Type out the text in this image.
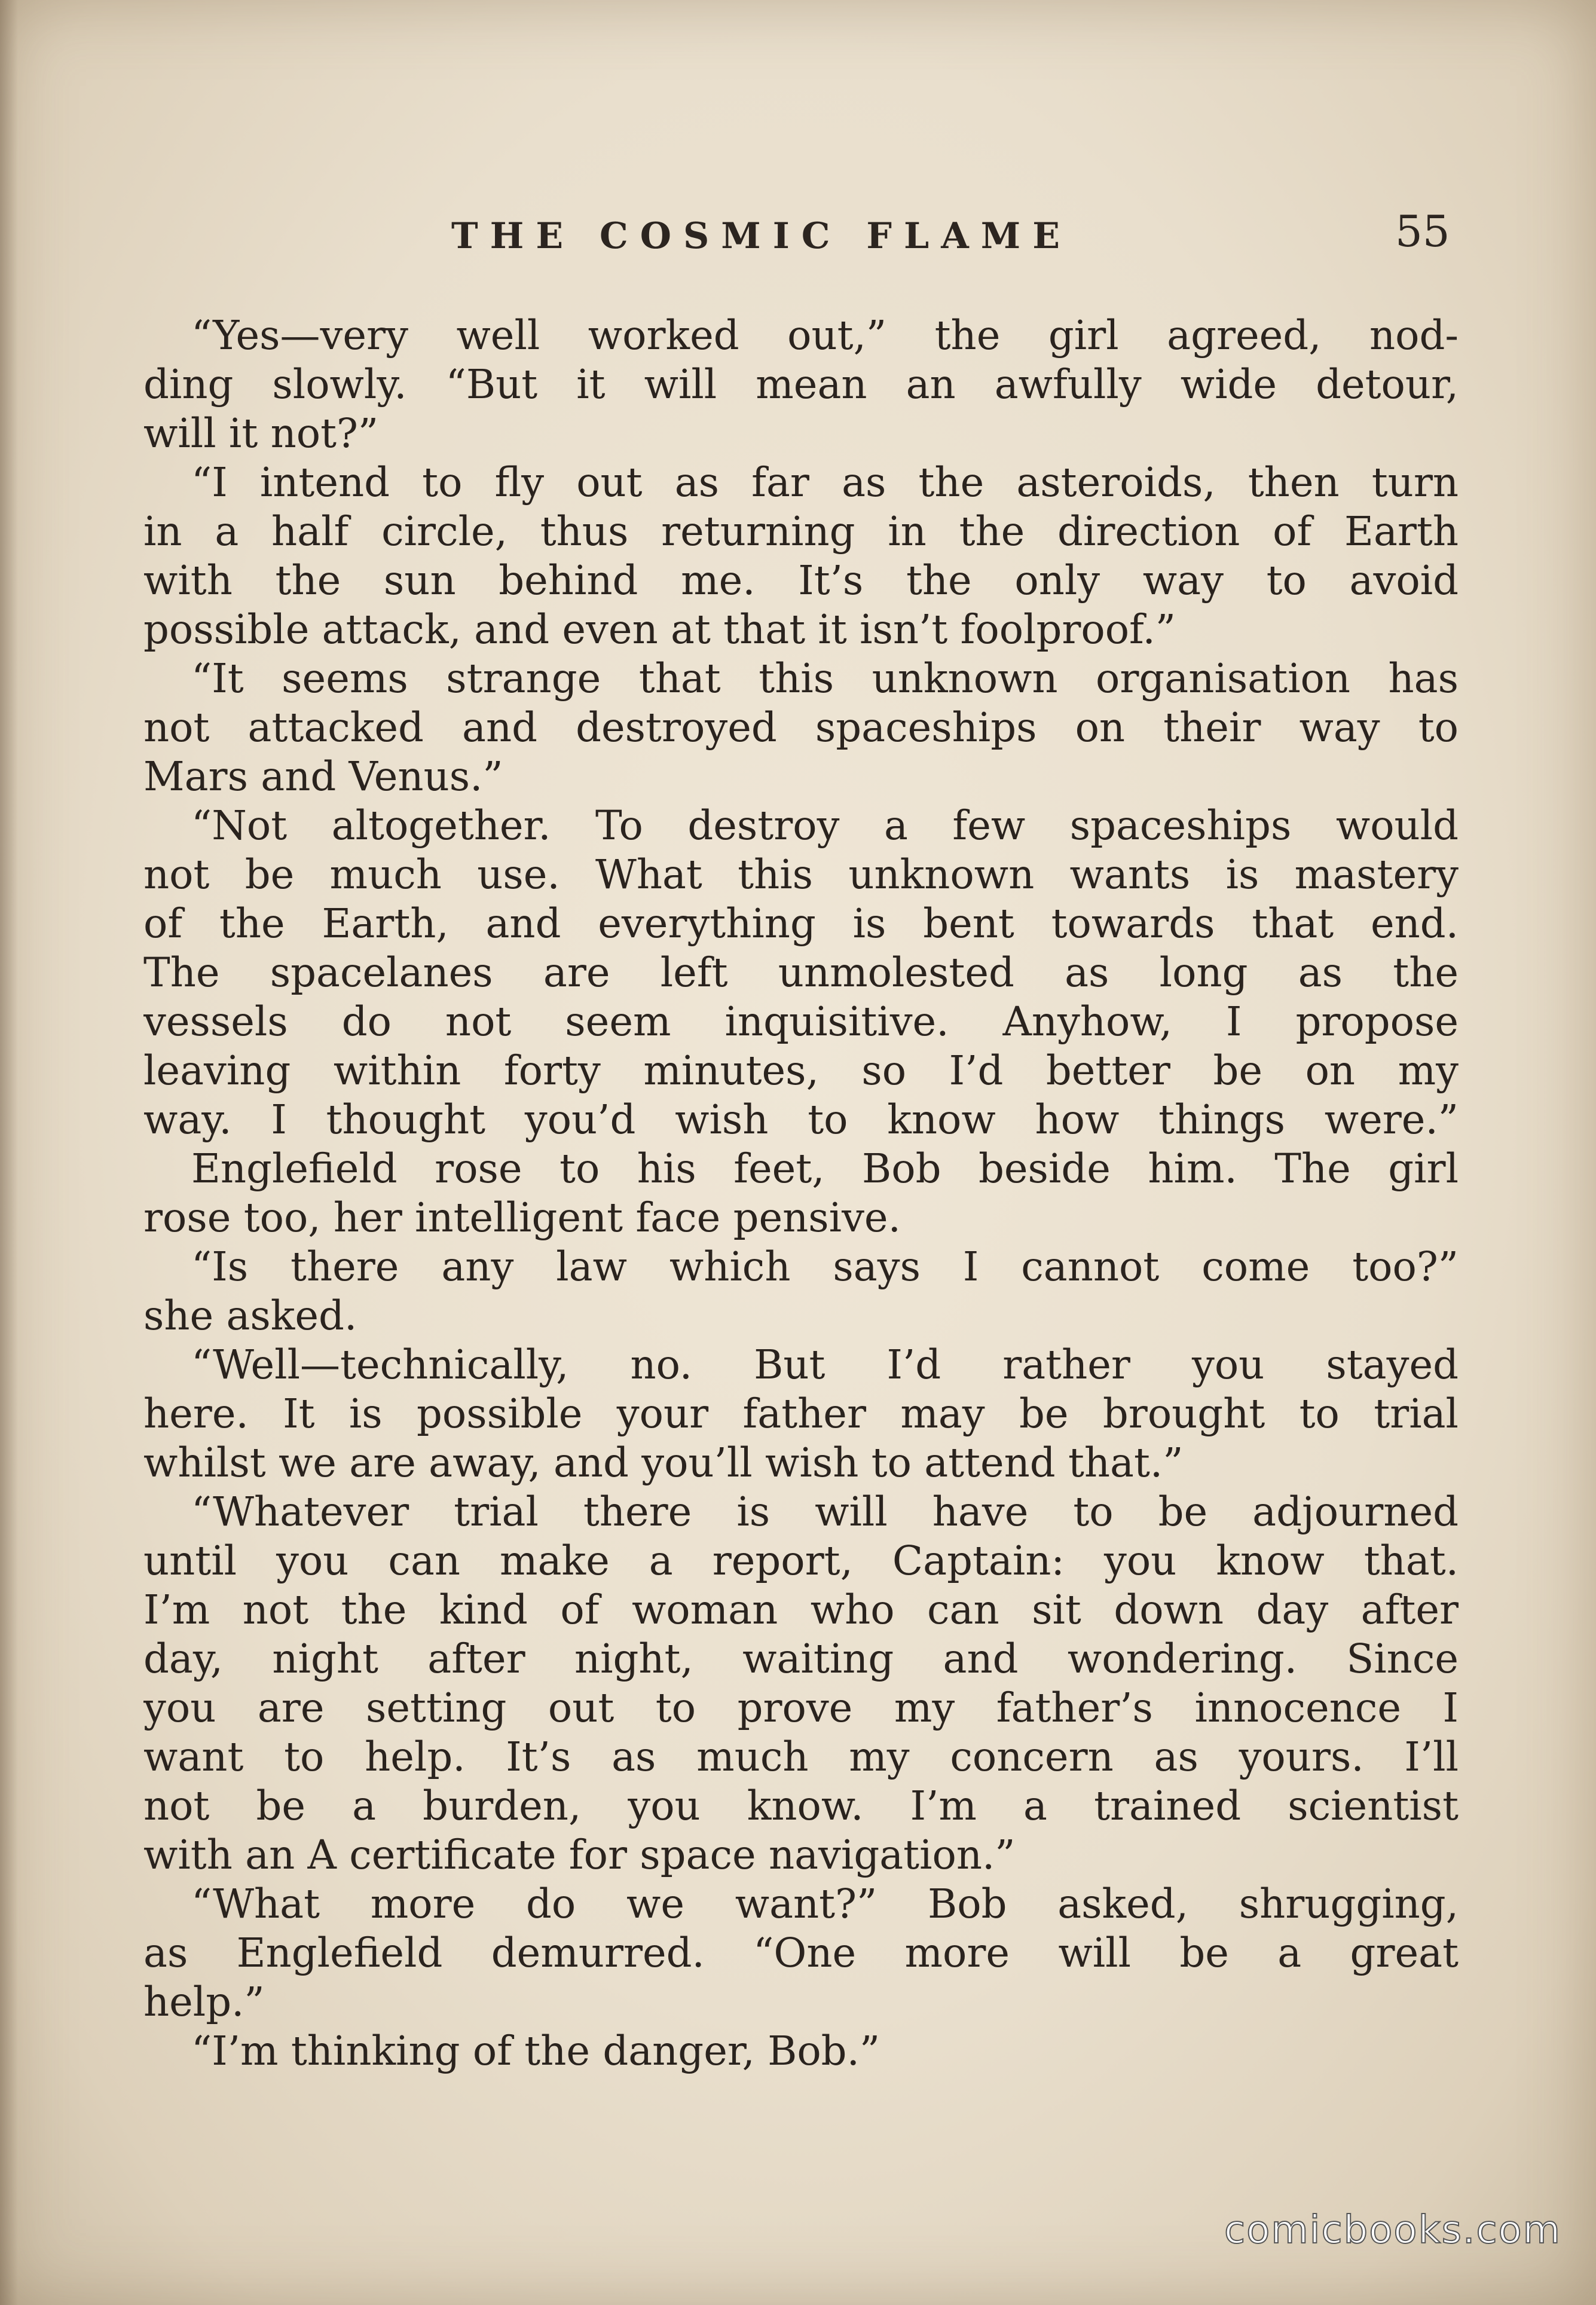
THE COSMIC FLAME	55
“Yes—very well worked out,” the girl agreed, nod-
ding slowly. “But it will mean an awfully wide detour,
will it not?”
“I intend to fly out as far as the asteroids, then turn
in a half circle, thus returning in the direction of Earth
with the sun behind me. It’s the only way to avoid
possible attack, and even at that it isn’t foolproof.”
“It seems strange that this unknown organisation has
not attacked and destroyed spaceships on their way to
Mars and Venus.”
“Not altogether. To destroy a few spaceships would
not be much use. What this unknown wants is mastery
of the Earth, and everything is bent towards that end.
The spacelanes are left unmolested as long as the
vessels do not seem inquisitive. Anyhow, I propose
leaving within forty minutes, so I’d better be on my
way. I thought you’d wish to know how things were.”
Englefield rose to his feet, Bob beside him. The girl
rose too, her intelligent face pensive.
“Is there any law which says I cannot come too?”
she asked.
“Well—technically, no. But I’d rather you stayed
here. It is possible your father may be brought to trial
whilst we are away, and you’ll wish to attend that.”
“Whatever trial there is will have to be adjourned
until you can make a report, Captain: you know that.
I’m not the kind of woman who can sit down day after
day, night after night, waiting and wondering. Since
you are setting out to prove my father’s innocence I
want to help. It’s as much my concern as yours. I’ll
not be a burden, you know. I’m a trained scientist
with an A certificate for space navigation.”
“What more do we want?” Bob asked, shrugging,
as Englefield demurred. “One more will be a great
help.”
“I’m thinking of the danger, Bob.”
comicbooks.com
